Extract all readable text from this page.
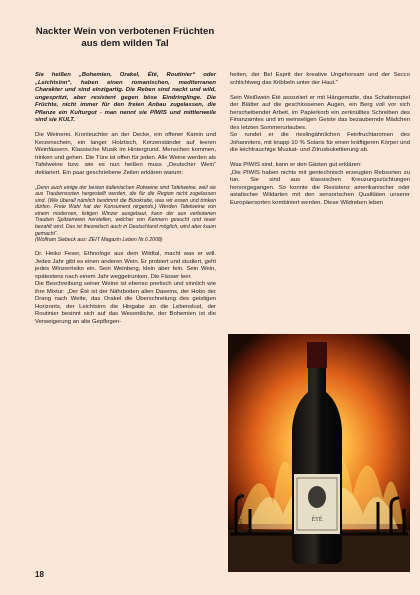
Nackter Wein von verbotenen Früchten aus dem wilden Tal

Sie heißen „Bohemien, Orakel, Été, Routinier“ oder „Leichtsinn“, haben einen romanischen, mediterranen Charakter und sind einzigartig. Die Reben sind nackt und wild, ungespritzt, aber resistent gegen böse Eindringlinge. Die Früchte, nicht immer für den freien Anbau zugelassen, die Pflanze ein Kulturgut - man nennt sie PIWIS und mittlerweile sind sie KULT.

Die Weinerei. Kronleuchter an der Decke, ein offener Kamin und Kerzenschein, ein langer Holztisch, Kerzenständer auf leeren Weinfässern. Klassische Musik im Hintergrund. Menschen kommen, trinken und gehen. Die Türe ist offen für jeden. Alle Weine werden als Tafelweine bzw. wie es nun heißen muss „Deutscher Wein“ deklariert. Ein paar geschriebene Zeilen erklären warum:

„Denn auch einige der besten italienischen Rotweine sind Tafelweine, weil sie aus Traubensorten hergestellt werden, die für die Region nicht zugelassen sind. (Wie überall nämlich bestimmt die Bürokratie, was wir essen und trinken dürfen. Freie Wahl hat der Konsument nirgends.) Werden Tafelweine von einem modernen, listigen Winzer ausgebaut, kann der aus verbotenen Trauben Spitzenwein herstellen, welcher von Kennern gesucht und teuer bezahlt wird. Das ist theoretisch auch in Deutschland möglich, wird aber kaum gemacht“.
(Wolfram Siebeck aus: ZEIT Magazin Leben Nr.6 2008)

Dr. Heiko Feser, Ethnologe aus dem Wildtal, macht was er will. Jedes Jahr gibt es einen anderen Wein. Er probiert und studiert, geht jedes Winzerrisiko ein. Sein Weinberg, klein aber fein. Sein Wein, spätestens nach einem Jahr weggetrunken. Die Fässer leer.

Die Beschreibung seiner Weine ist ebenso poetisch und sinnlich wie ihre Mixtur: „Der Été ist der Nährboden allen Daseins, der Hobo der Drang nach Weite, das Orakel die Überschreitung des geistigen Horizonts, der Leichtsinn die Hingabe an die Lebenslust, der Routinier besinnt sich auf das Wesentliche, der Bohemien ist die Verweigerung an alte Gepflogen-

heiten, der Bel Esprit der kreative Ungehorsam und der Secco schlichtweg das Kribbeln unter der Haut.“

Sein Weißwein Été assoziiert er mit Hängematte, das Schattenspiel der Blätter auf die geschlossenen Augen, ein Berg voll vor sich herscheibender Arbeit, im Papierkorb ein zerknülltes Schreiben des Finanzamtes und im weinseligen Geiste das bezaubernde Mädchen des letzten Sommerurlaubes.

So rundet er die rieslingähnlichen Feinfruchtaromen des Johanniters, mit knapp 10 % Solaris für einen kräftigeren Körper und die leichtrauchige Muskat- und Zitrusbukettierung ab.

Was PIWIS sind, kann er den Gästen gut erklären:

„Die PIWIS haben nichts mit gentechnisch erzeugten Rebsorten zu tun. Sie sind aus klassischen Kreuzungszüchtungen hervorgegangen. So konnte die Resistenz amerikanischer oder asiatischer Wildarten mit den sensorischen Qualitäten unserer Europäersorten kombiniert werden. Diese Wildreben leben

ÉTÉ
Foto: Heiko Feser
18
